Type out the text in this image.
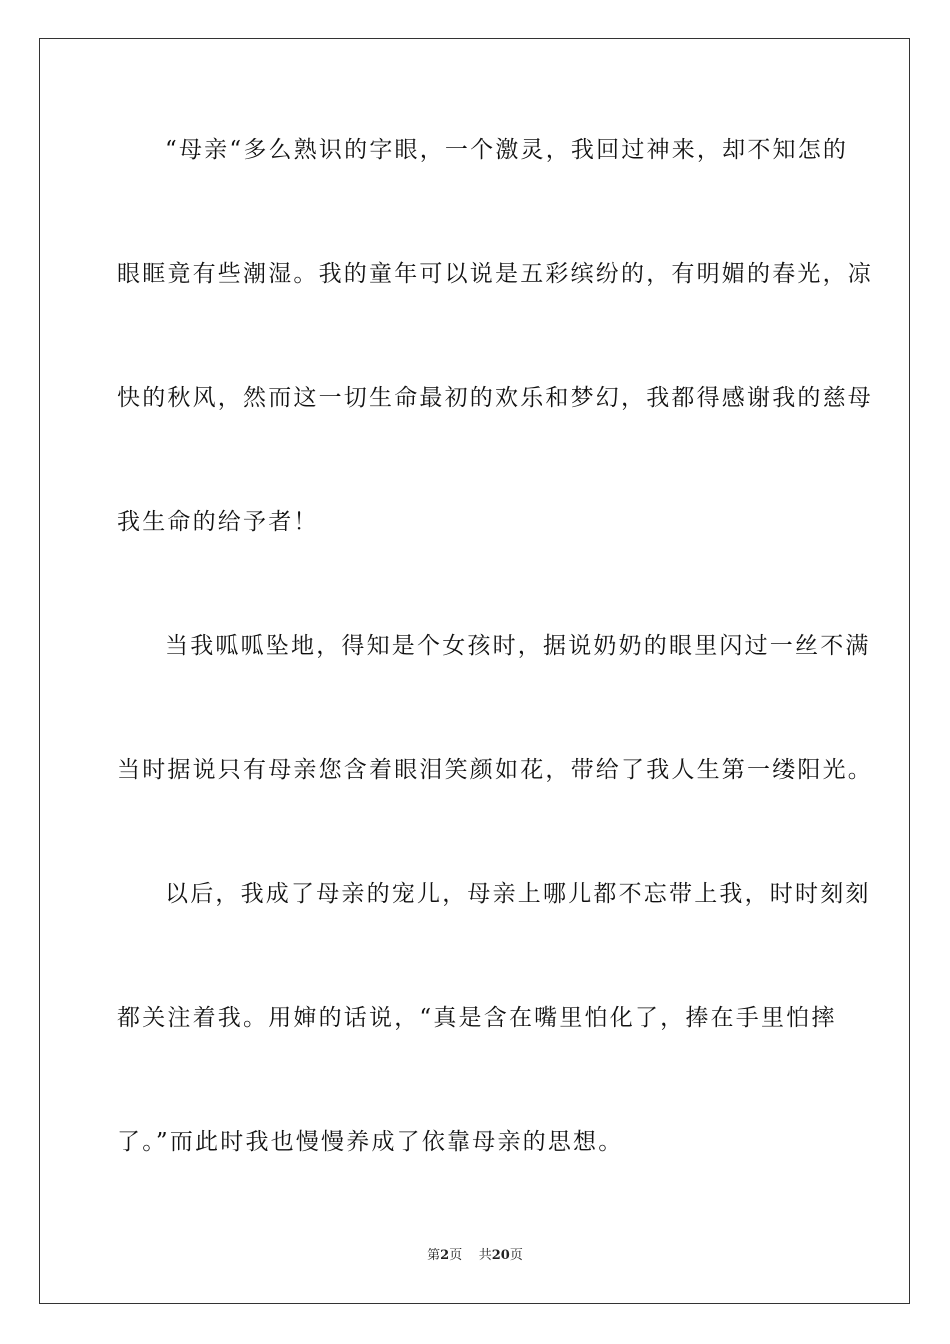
“母亲“多么熟识的字眼，一个激灵，我回过神来，却不知怎的
眼眶竟有些潮湿。我的童年可以说是五彩缤纷的，有明媚的春光，凉
快的秋风，然而这一切生命最初的欢乐和梦幻，我都得感谢我的慈母
我生命的给予者！
当我呱呱坠地，得知是个女孩时，据说奶奶的眼里闪过一丝不满
当时据说只有母亲您含着眼泪笑颜如花，带给了我人生第一缕阳光。
以后，我成了母亲的宠儿，母亲上哪儿都不忘带上我，时时刻刻
都关注着我。用婶的话说，“真是含在嘴里怕化了，捧在手里怕摔
了。”而此时我也慢慢养成了依靠母亲的思想。
第2页 共20页
